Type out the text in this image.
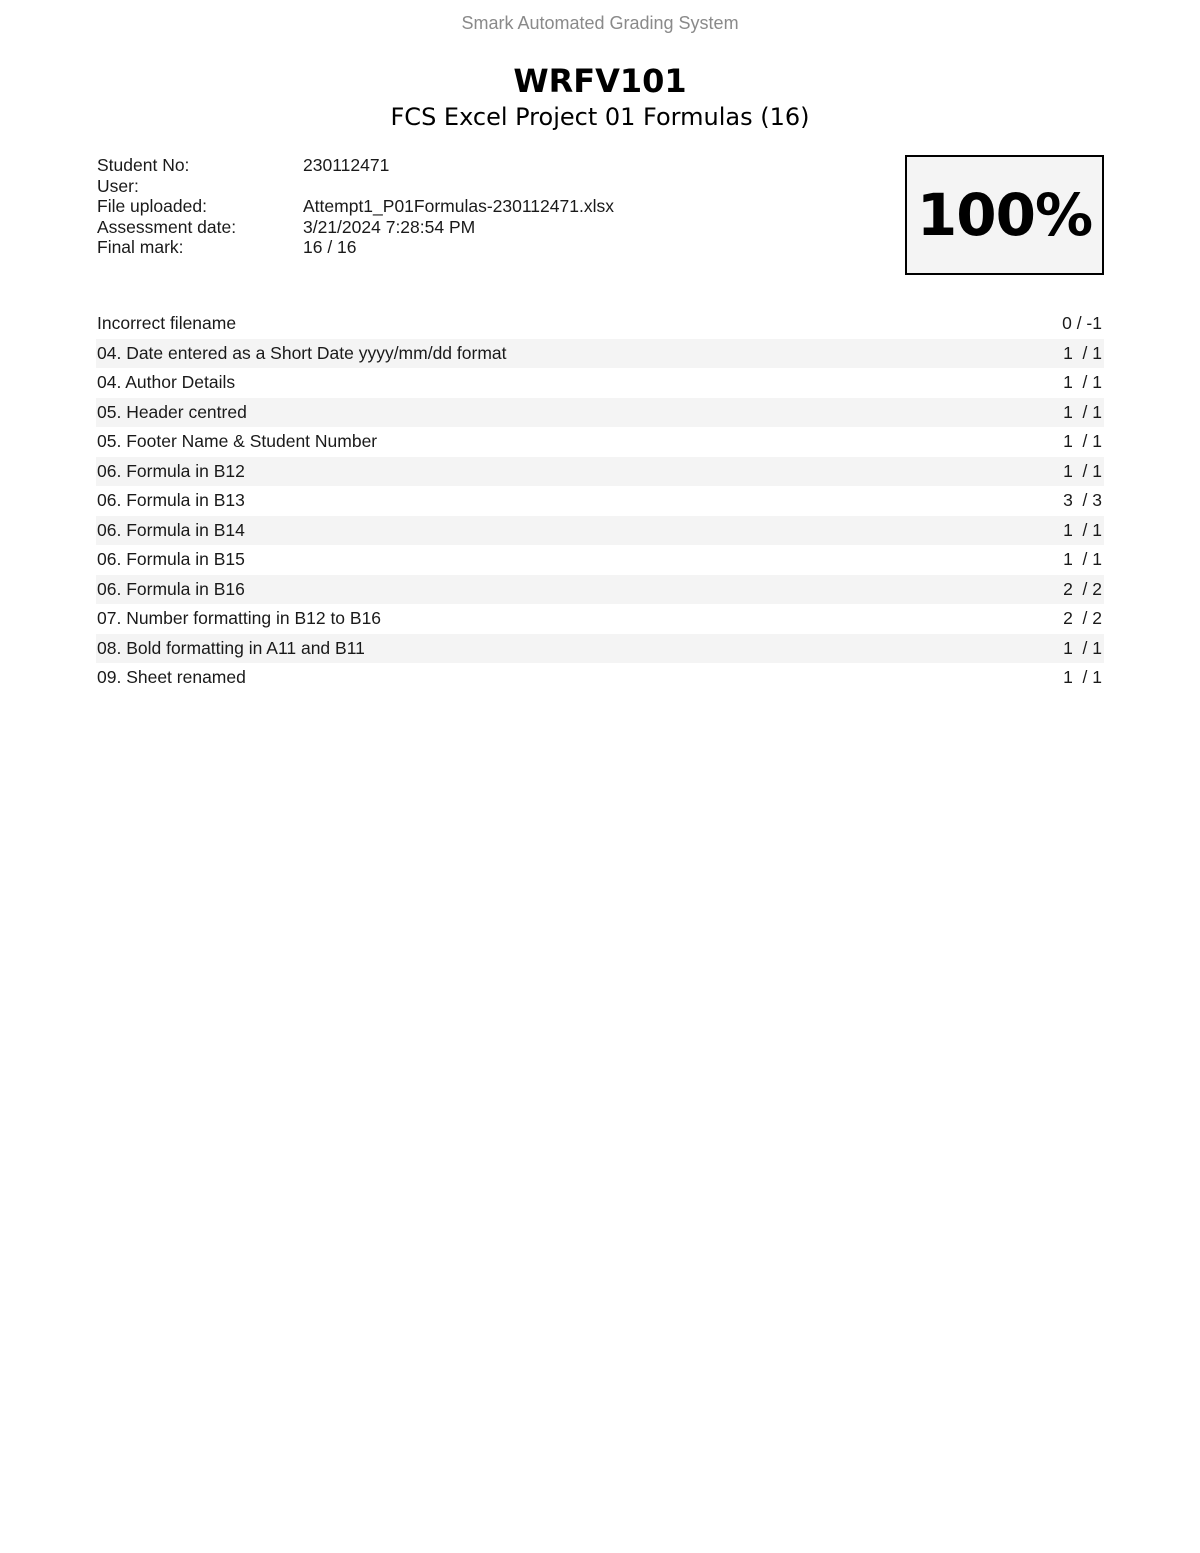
Smark Automated Grading System
WRFV101
FCS Excel Project 01 Formulas (16)
Student No:	230112471
User:
File uploaded:	Attempt1_P01Formulas-230112471.xlsx
Assessment date:	3/21/2024 7:28:54 PM
Final mark:	16 / 16	100%
Incorrect filename	0 / -1
04. Date entered as a Short Date yyyy/mm/dd format	1  / 1
04. Author Details	1  / 1
05. Header centred	1  / 1
05. Footer Name & Student Number	1  / 1
06. Formula in B12	1  / 1
06. Formula in B13	3  / 3
06. Formula in B14	1  / 1
06. Formula in B15	1  / 1
06. Formula in B16	2  / 2
07. Number formatting in B12 to B16	2  / 2
08. Bold formatting in A11 and B11	1  / 1
09. Sheet renamed	1  / 1
